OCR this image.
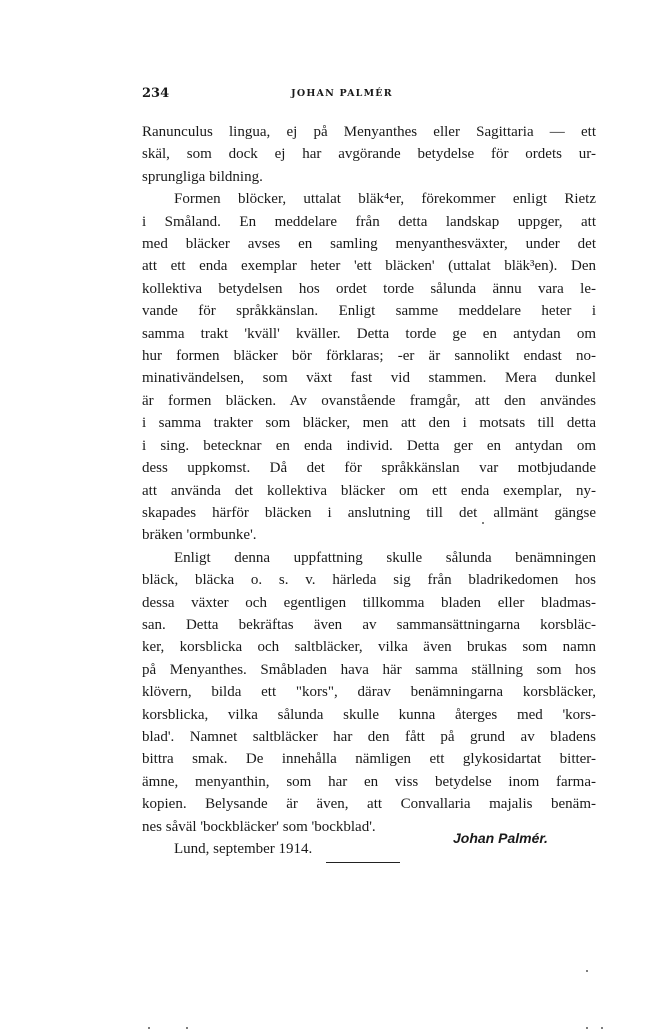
234	JOHAN PALMÉR

Ranunculus lingua, ej på Menyanthes eller Sagittaria — ett

skäl, som dock ej har avgörande betydelse för ordets ur-

sprungliga bildning.

Formen blöcker, uttalat bläk⁴er, förekommer enligt Rietz

i Småland. En meddelare från detta landskap uppger, att

med bläcker avses en samling menyanthesväxter, under det

att ett enda exemplar heter 'ett bläcken' (uttalat bläk³en). Den

kollektiva betydelsen hos ordet torde sålunda ännu vara le-

vande för språkkänslan. Enligt samme meddelare heter i

samma trakt 'kväll' kväller. Detta torde ge en antydan om

hur formen bläcker bör förklaras; -er är sannolikt endast no-

minativändelsen, som växt fast vid stammen. Mera dunkel

är formen bläcken. Av ovanstående framgår, att den användes

i samma trakter som bläcker, men att den i motsats till detta

i sing. betecknar en enda individ. Detta ger en antydan om

dess uppkomst. Då det för språkkänslan var motbjudande

att använda det kollektiva bläcker om ett enda exemplar, ny-

skapades härför bläcken i anslutning till det allmänt gängse

bräken 'ormbunke'.

Enligt denna uppfattning skulle sålunda benämningen

bläck, bläcka o. s. v. härleda sig från bladrikedomen hos

dessa växter och egentligen tillkomma bladen eller bladmas-

san. Detta bekräftas även av sammansättningarna korsbläc-

ker, korsblicka och saltbläcker, vilka även brukas som namn

på Menyanthes. Småbladen hava här samma ställning som hos

klövern, bilda ett "kors", därav benämningarna korsbläcker,

korsblicka, vilka sålunda skulle kunna återges med 'kors-

blad'. Namnet saltbläcker har den fått på grund av bladens

bittra smak. De innehålla nämligen ett glykosidartat bitter-

ämne, menyanthin, som har en viss betydelse inom farma-

kopien. Belysande är även, att Convallaria majalis benäm-

nes såväl 'bockbläcker' som 'bockblad'.

Lund, september 1914.

Johan Palmér.
